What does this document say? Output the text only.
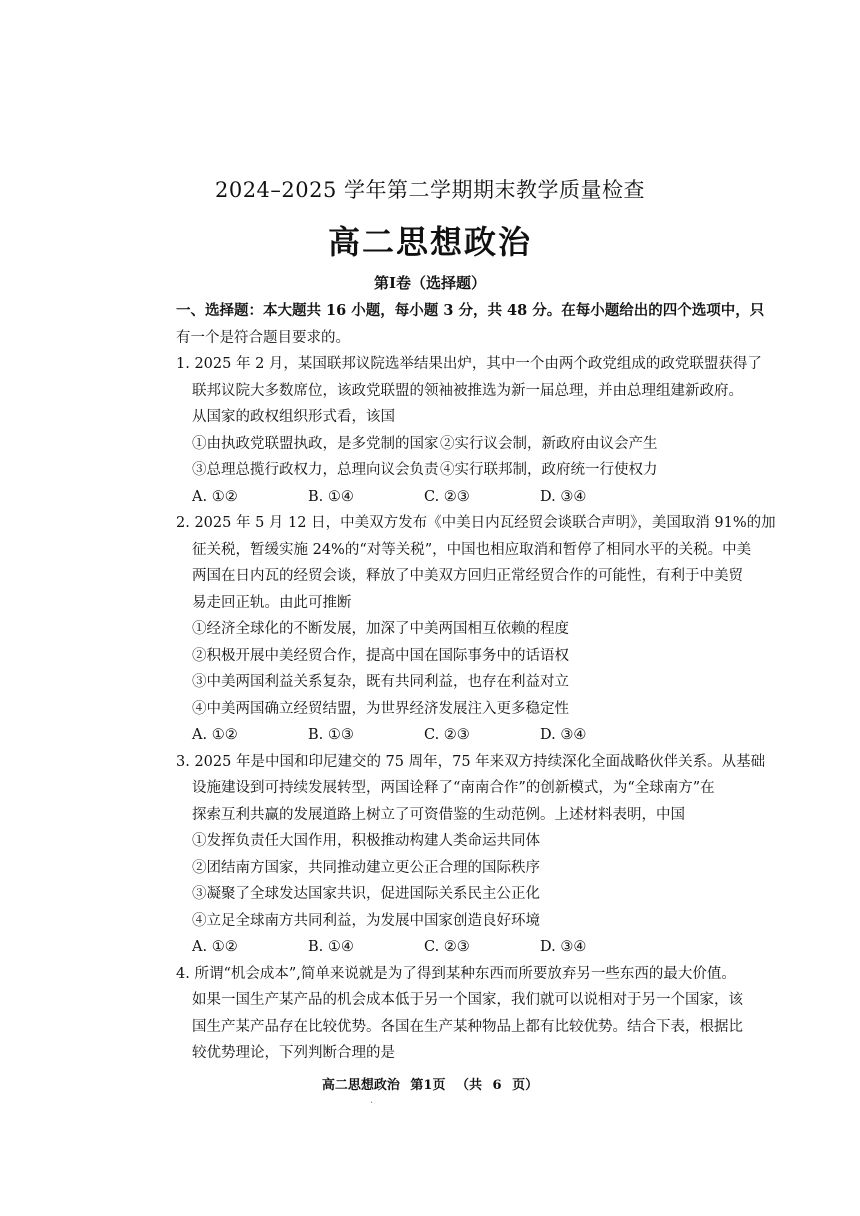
2024–2025 学年第二学期期末教学质量检查
高二思想政治
第Ⅰ卷（选择题）

一、选择题：本大题共 16 小题，每小题 3 分，共 48 分。在每小题给出的四个选项中，只

有一个是符合题目要求的。

1. 2025 年 2 月，某国联邦议院选举结果出炉，其中一个由两个政党组成的政党联盟获得了

联邦议院大多数席位，该政党联盟的领袖被推选为新一届总理，并由总理组建新政府。

从国家的政权组织形式看，该国

①由执政党联盟执政，是多党制的国家 ②实行议会制，新政府由议会产生
③总理总揽行政权力，总理向议会负责 ④实行联邦制，政府统一行使权力
A. ①②	B. ①④	C. ②③	D. ③④

2. 2025 年 5 月 12 日，中美双方发布《中美日内瓦经贸会谈联合声明》，美国取消 91%的加

征关税，暂缓实施 24%的“对等关税”，中国也相应取消和暂停了相同水平的关税。中美

两国在日内瓦的经贸会谈，释放了中美双方回归正常经贸合作的可能性，有利于中美贸

易走回正轨。由此可推断

①经济全球化的不断发展，加深了中美两国相互依赖的程度

②积极开展中美经贸合作，提高中国在国际事务中的话语权

③中美两国利益关系复杂，既有共同利益，也存在利益对立

④中美两国确立经贸结盟，为世界经济发展注入更多稳定性

A. ①②	B. ①③	C. ②③	D. ③④

3. 2025 年是中国和印尼建交的 75 周年，75 年来双方持续深化全面战略伙伴关系。从基础

设施建设到可持续发展转型，两国诠释了“南南合作”的创新模式，为“全球南方”在

探索互利共赢的发展道路上树立了可资借鉴的生动范例。上述材料表明，中国

①发挥负责任大国作用，积极推动构建人类命运共同体

②团结南方国家，共同推动建立更公正合理的国际秩序

③凝聚了全球发达国家共识，促进国际关系民主公正化

④立足全球南方共同利益，为发展中国家创造良好环境

A. ①②	B. ①④	C. ②③	D. ③④

4. 所谓“机会成本”,简单来说就是为了得到某种东西而所要放弃另一些东西的最大价值。

如果一国生产某产品的机会成本低于另一个国家，我们就可以说相对于另一个国家，该

国生产某产品存在比较优势。各国在生产某种物品上都有比较优势。结合下表，根据比

较优势理论，下列判断合理的是

高二思想政治 第1页 （共 6 页）
·
